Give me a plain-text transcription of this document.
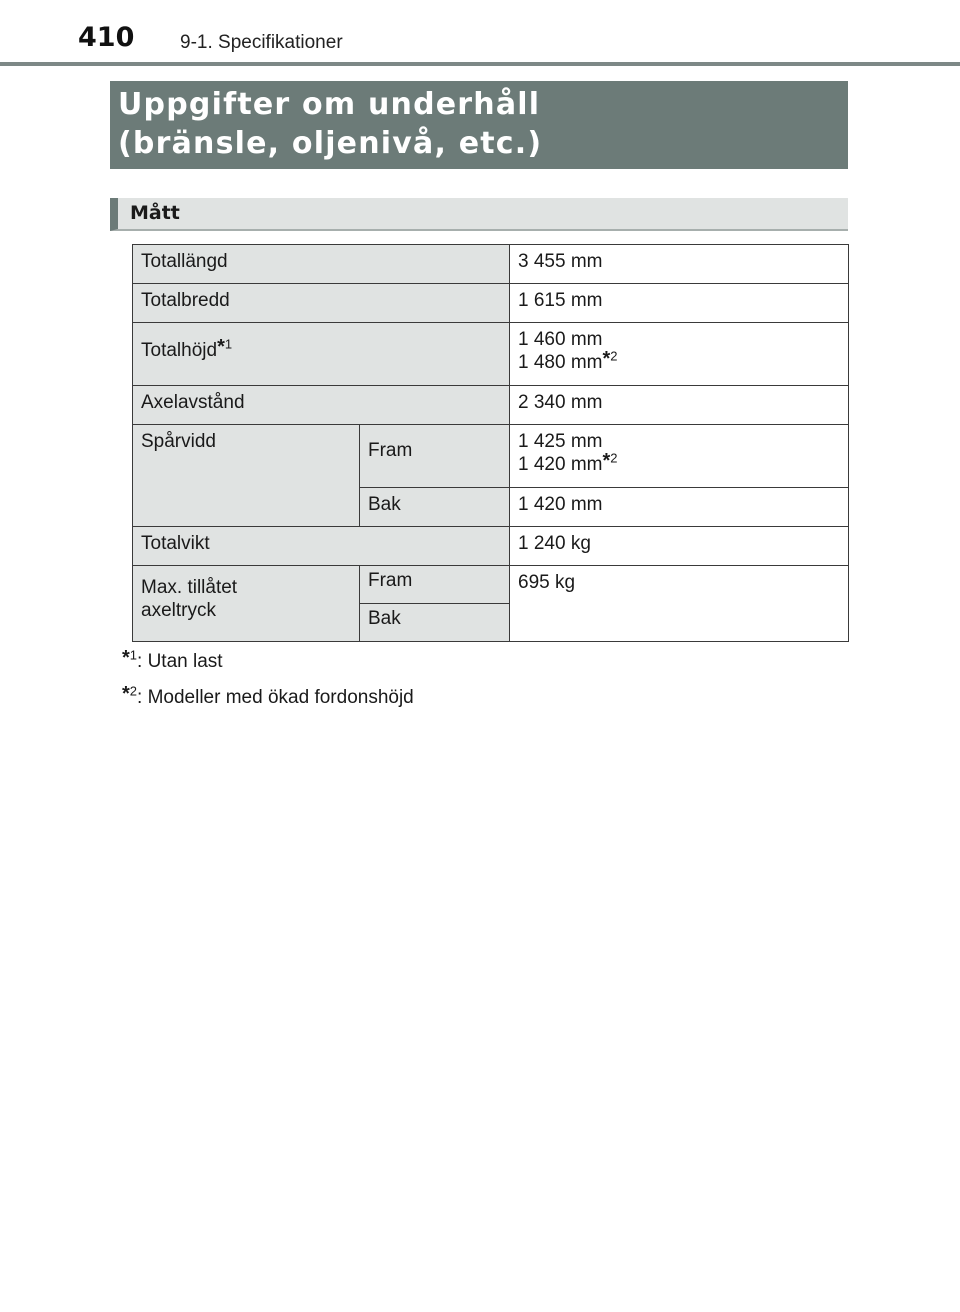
410 9-1. Specifikationer
Uppgifter om underhåll
(bränsle, oljenivå, etc.)
Mått
Totallängd		3 455 mm
Totalbredd		1 615 mm
Totalhöjd*$^1$		1 460 mm
1 480 mm*$^2$

Axelavstånd		2 340 mm
Spårvidd	Fram	1 425 mm
1 420 mm*$^2$

	Bak	1 420 mm
Totalvikt		1 240 kg

Max. tillåtet
axeltryck	Fram	695 kg
	Bak	
*$^1$: Utan last
*$^2$: Modeller med ökad fordonshöjd
